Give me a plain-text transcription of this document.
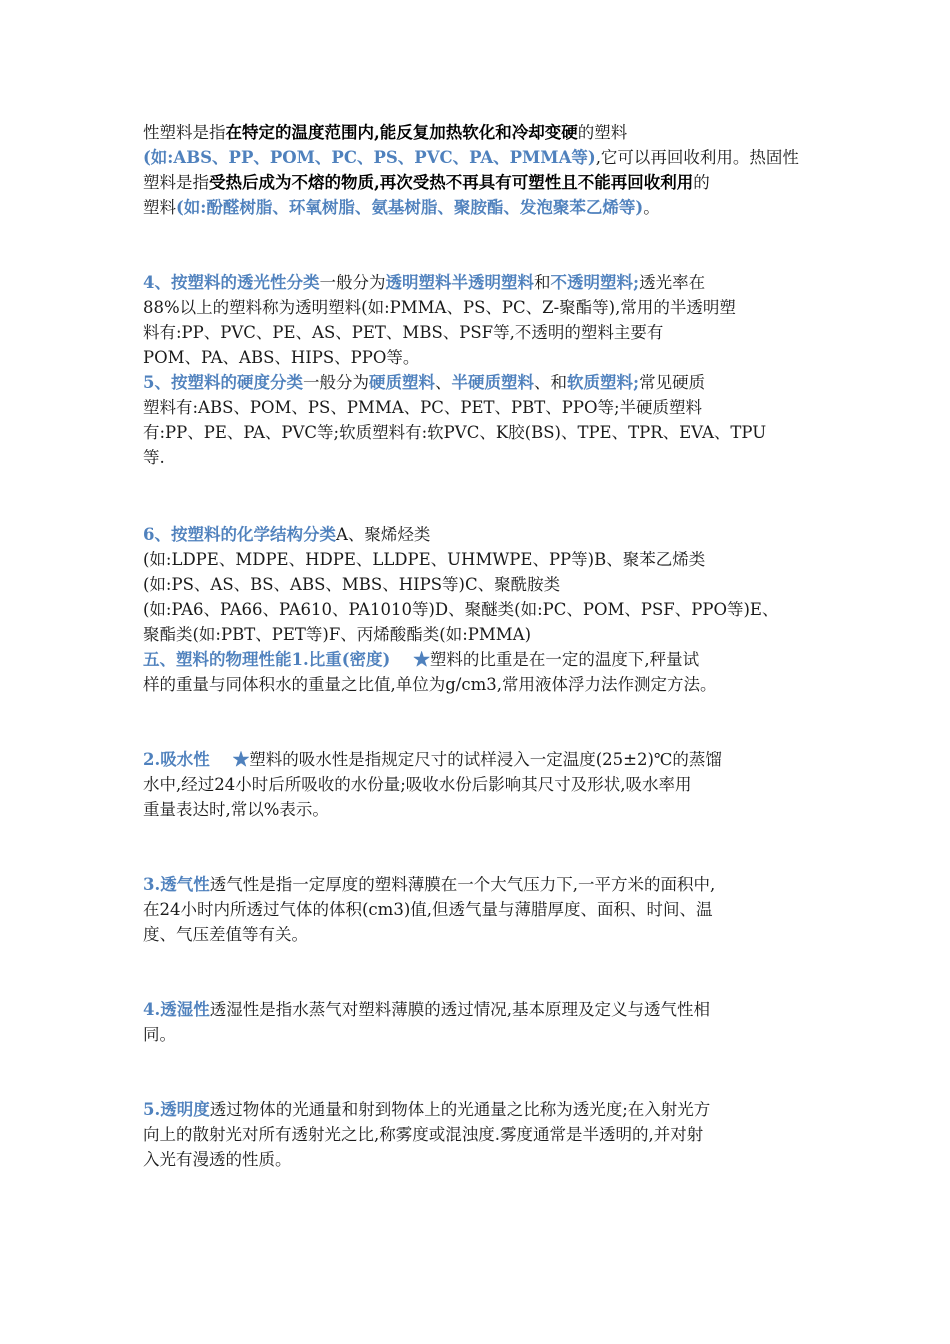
性塑料是指在特定的温度范围内,能反复加热软化和冷却变硬的塑料
(如:ABS、PP、POM、PC、PS、PVC、PA、PMMA等),它可以再回收利用。热固性
塑料是指受热后成为不熔的物质,再次受热不再具有可塑性且不能再回收利用的
塑料(如:酚醛树脂、环氧树脂、氨基树脂、聚胺酯、发泡聚苯乙烯等)。

4、按塑料的透光性分类一般分为透明塑料半透明塑料和不透明塑料;透光率在
88%以上的塑料称为透明塑料(如:PMMA、PS、PC、Z-聚酯等),常用的半透明塑
料有:PP、PVC、PE、AS、PET、MBS、PSF等,不透明的塑料主要有
POM、PA、ABS、HIPS、PPO等。

5、按塑料的硬度分类一般分为硬质塑料、半硬质塑料、和软质塑料;常见硬质
塑料有:ABS、POM、PS、PMMA、PC、PET、PBT、PPO等;半硬质塑料
有:PP、PE、PA、PVC等;软质塑料有:软PVC、K胶(BS)、TPE、TPR、EVA、TPU
等.

6、按塑料的化学结构分类A、聚烯烃类
(如:LDPE、MDPE、HDPE、LLDPE、UHMWPE、PP等)B、聚苯乙烯类
(如:PS、AS、BS、ABS、MBS、HIPS等)C、聚酰胺类
(如:PA6、PA66、PA610、PA1010等)D、聚醚类(如:PC、POM、PSF、PPO等)E、
聚酯类(如:PBT、PET等)F、丙烯酸酯类(如:PMMA)

五、塑料的物理性能1.比重(密度)    ★塑料的比重是在一定的温度下,秤量试
样的重量与同体积水的重量之比值,单位为g/cm3,常用液体浮力法作测定方法。

2.吸水性    ★塑料的吸水性是指规定尺寸的试样浸入一定温度(25±2)℃的蒸馏
水中,经过24小时后所吸收的水份量;吸收水份后影响其尺寸及形状,吸水率用
重量表达时,常以%表示。

3.透气性透气性是指一定厚度的塑料薄膜在一个大气压力下,一平方米的面积中,
在24小时内所透过气体的体积(cm3)值,但透气量与薄腊厚度、面积、时间、温
度、气压差值等有关。

4.透湿性透湿性是指水蒸气对塑料薄膜的透过情况,基本原理及定义与透气性相
同。

5.透明度透过物体的光通量和射到物体上的光通量之比称为透光度;在入射光方
向上的散射光对所有透射光之比,称雾度或混浊度.雾度通常是半透明的,并对射
入光有漫透的性质。
